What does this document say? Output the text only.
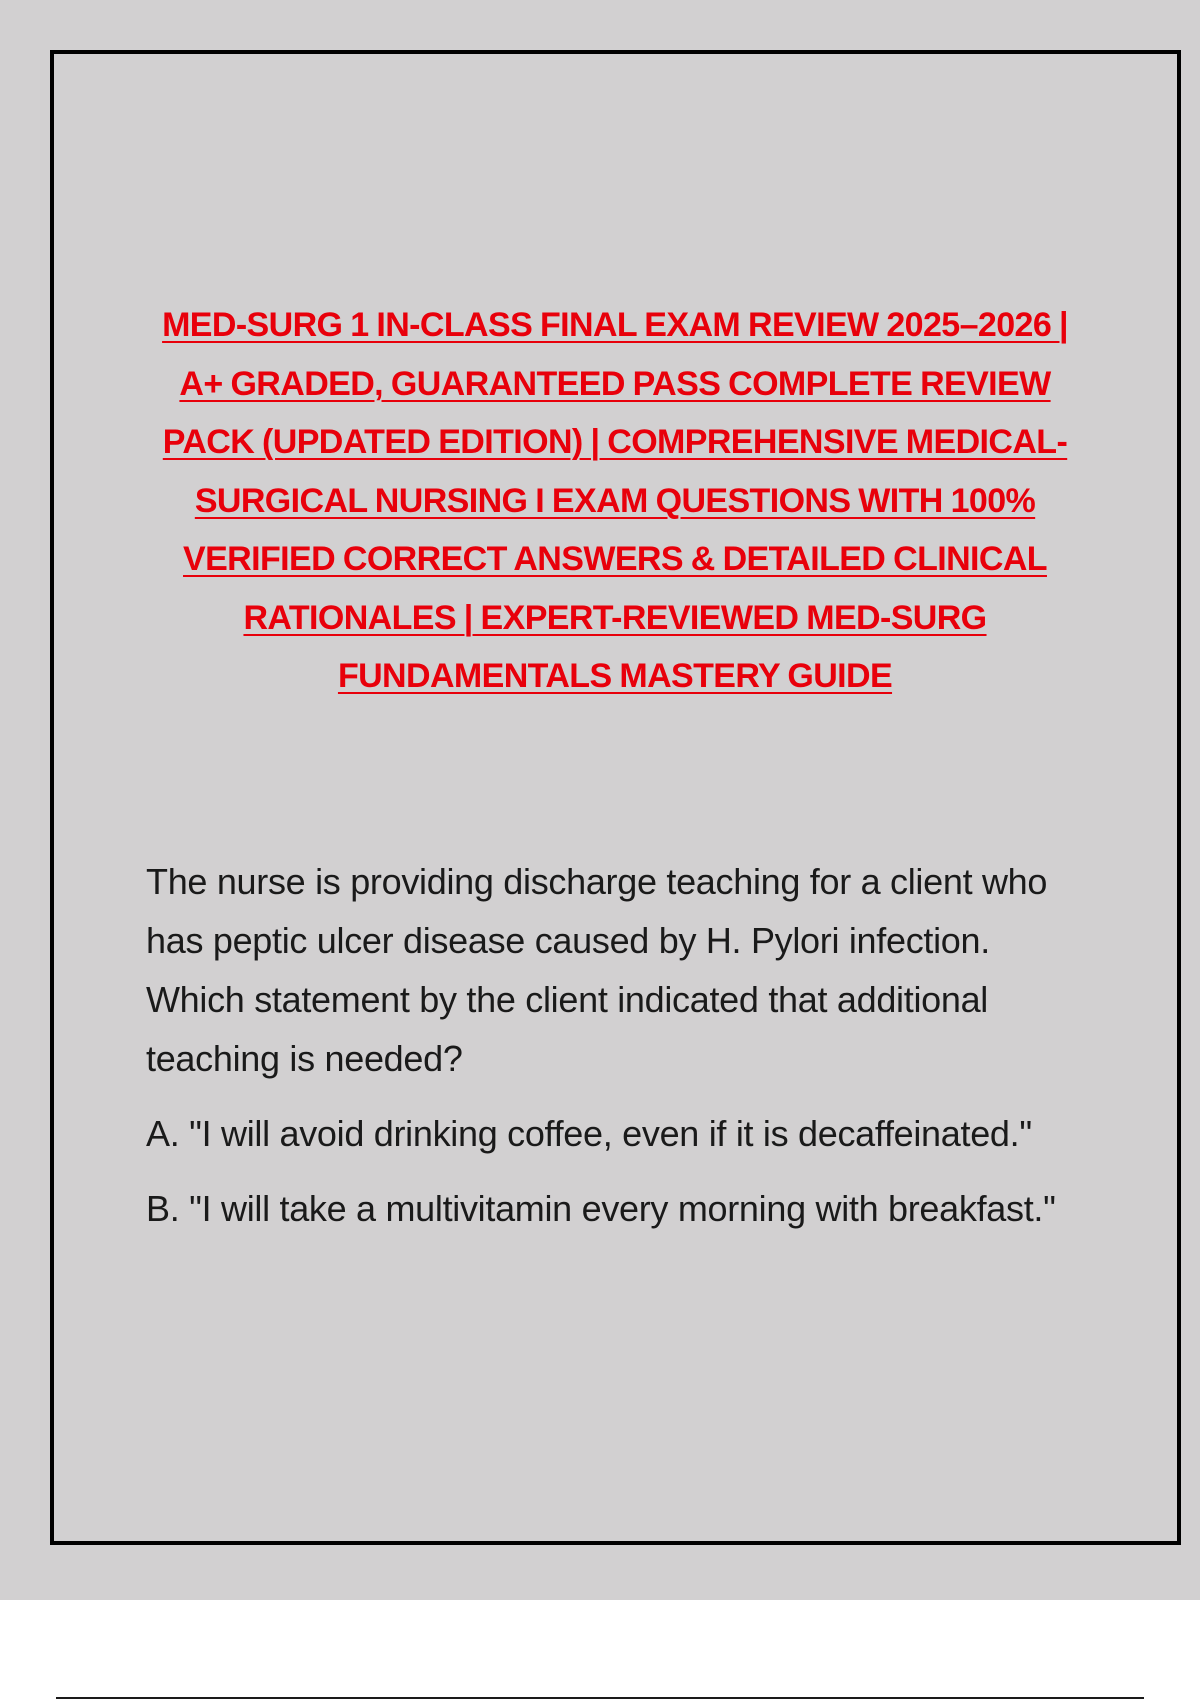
MED-SURG 1 IN-CLASS FINAL EXAM REVIEW 2025–2026 | A+ GRADED, GUARANTEED PASS COMPLETE REVIEW PACK (UPDATED EDITION) | COMPREHENSIVE MEDICAL-SURGICAL NURSING I EXAM QUESTIONS WITH 100% VERIFIED CORRECT ANSWERS & DETAILED CLINICAL RATIONALES | EXPERT-REVIEWED MED-SURG FUNDAMENTALS MASTERY GUIDE

The nurse is providing discharge teaching for a client who has peptic ulcer disease caused by H. Pylori infection. Which statement by the client indicated that additional teaching is needed?

A. "I will avoid drinking coffee, even if it is decaffeinated."

B. "I will take a multivitamin every morning with breakfast."
